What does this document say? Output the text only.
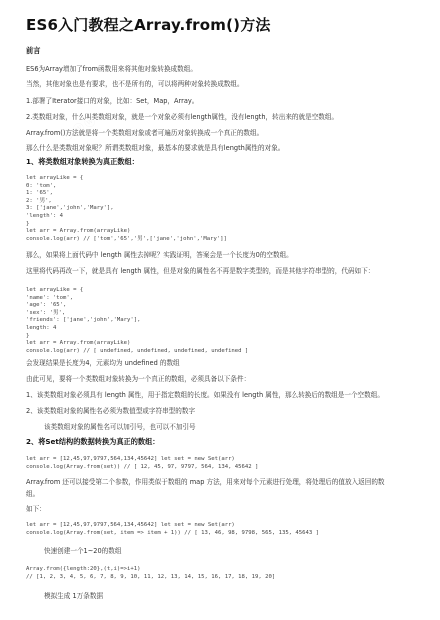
ⓦⓦⓦ
ES6入门教程之Array.from()方法
前言
ES6为Array增加了from函数用来将其他对象转换成数组。
当然，其他对象也是有要求，也不是所有的，可以将两种对象转换成数组。
1.部署了Iterator接口的对象，比如：Set，Map，Array。
2.类数组对象，什么叫类数组对象，就是一个对象必须有length属性，没有length，转出来的就是空数组。
Array.from()方法就是将一个类数组对象或者可遍历对象转换成一个真正的数组。
那么什么是类数组对象呢？所谓类数组对象，最基本的要求就是具有length属性的对象。
1、将类数组对象转换为真正数组：
let arrayLike = {
0: 'tom',
1: '65',
2: '男',
3: ['jane','john','Mary'],
'length': 4
}
let arr = Array.from(arrayLike)
console.log(arr) // ['tom','65','男',['jane','john','Mary']]
那么，如果将上面代码中 length 属性去掉呢？实践证明，答案会是一个长度为0的空数组。
这里将代码再改一下，就是具有 length 属性，但是对象的属性名不再是数字类型的，而是其他字符串型的，代码如下：
let arrayLike = {
'name': 'tom',
'age': '65',
'sex': '男',
'friends': ['jane','john','Mary'],
length: 4
}
let arr = Array.from(arrayLike)
console.log(arr) // [ undefined, undefined, undefined, undefined ]
会发现结果是长度为4，元素均为 undefined 的数组
由此可见，要将一个类数组对象转换为一个真正的数组，必须具备以下条件：
1、该类数组对象必须具有 length 属性，用于指定数组的长度。如果没有 length 属性，那么转换后的数组是一个空数组。
2、该类数组对象的属性名必须为数值型或字符串型的数字
该类数组对象的属性名可以加引号，也可以不加引号
2、将Set结构的数据转换为真正的数组：
let arr = [12,45,97,9797,564,134,45642] let set = new Set(arr)
console.log(Array.from(set)) // [ 12, 45, 97, 9797, 564, 134, 45642 ]
Array.from 还可以接受第二个参数，作用类似于数组的 map 方法，用来对每个元素进行处理，将处理后的值放入返回的数
组。
如下：
let arr = [12,45,97,9797,564,134,45642] let set = new Set(arr)
console.log(Array.from(set, item => item + 1)) // [ 13, 46, 98, 9798, 565, 135, 45643 ]
快速创建一个1~20的数组
Array.from({length:20},(t,i)=>i+1)
// [1, 2, 3, 4, 5, 6, 7, 8, 9, 10, 11, 12, 13, 14, 15, 16, 17, 18, 19, 20]
模拟生成 1万条数据
